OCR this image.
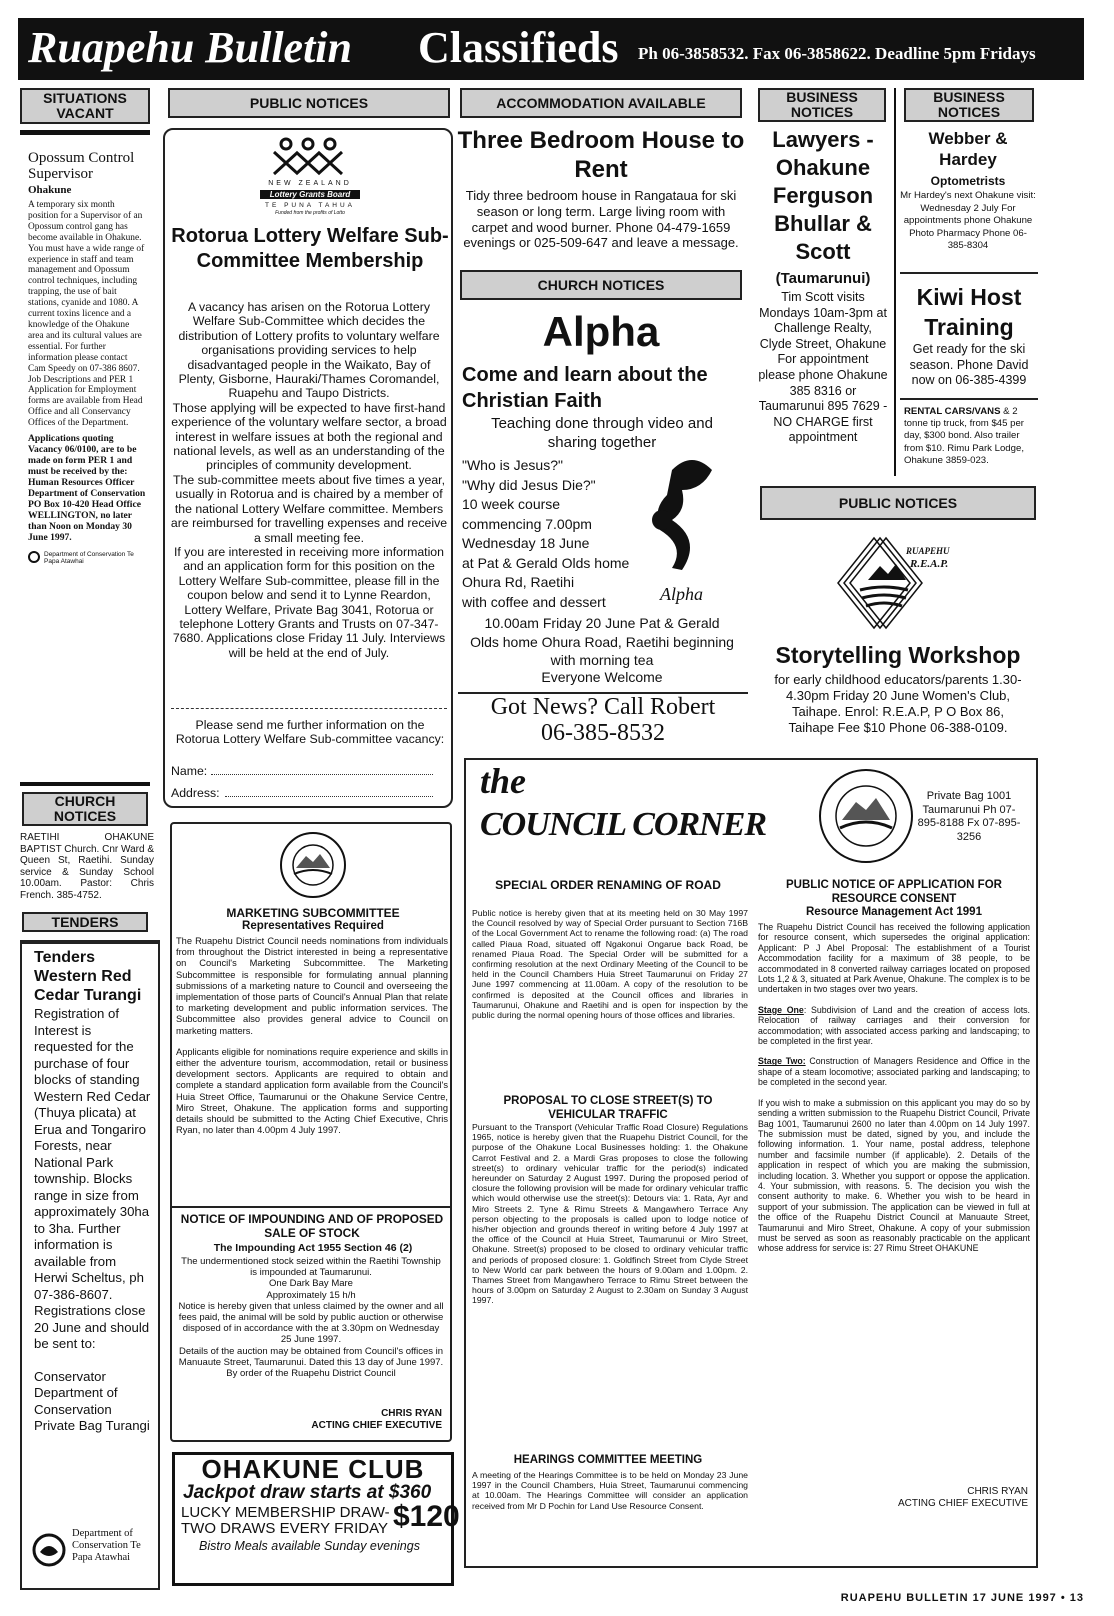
Ruapehu Bulletin Classifieds Ph 06-3858532. Fax 06-3858622. Deadline 5pm Fridays
SITUATIONS VACANT
Opossum Control Supervisor
Ohakune
A temporary six month position for a Supervisor of an Opossum control gang has become available in Ohakune. You must have a wide range of experience in staff and team management and Opossum control techniques, including trapping, the use of bait stations, cyanide and 1080. A current toxins licence and a knowledge of the Ohakune area and its cultural values are essential. For further information please contact Cam Speedy on 07-386 8607. Job Descriptions and PER 1 Application for Employment forms are available from Head Office and all Conservancy Offices of the Department.
Applications quoting Vacancy 06/0100, are to be made on form PER 1 and must be received by the: Human Resources Officer Department of Conservation PO Box 10-420 Head Office WELLINGTON, no later than Noon on Monday 30 June 1997.
Department of Conservation Te Papa Atawhai
CHURCH NOTICES
RAETIHI OHAKUNE BAPTIST Church. Cnr Ward & Queen St, Raetihi. Sunday service & Sunday School 10.00am. Pastor: Chris French. 385-4752.
TENDERS
Tenders Western Red Cedar Turangi
Registration of Interest is requested for the purchase of four blocks of standing Western Red Cedar (Thuya plicata) at Erua and Tongariro Forests, near National Park township. Blocks range in size from approximately 30ha to 3ha. Further information is available from Herwi Scheltus, ph 07-386-8607. Registrations close 20 June and should be sent to:
Conservator Department of Conservation Private Bag Turangi
Department of Conservation Te Papa Atawhai
PUBLIC NOTICES
NEW ZEALAND
Lottery Grants Board
TE PUNA TAHUA
Funded from the profits of Lotto
Rotorua Lottery Welfare Sub-Committee Membership
A vacancy has arisen on the Rotorua Lottery Welfare Sub-Committee which decides the distribution of Lottery profits to voluntary welfare organisations providing services to help disadvantaged people in the Waikato, Bay of Plenty, Gisborne, Hauraki/Thames Coromandel, Ruapehu and Taupo Districts.
Those applying will be expected to have first-hand experience of the voluntary welfare sector, a broad interest in welfare issues at both the regional and national levels, as well as an understanding of the principles of community development.
The sub-committee meets about five times a year, usually in Rotorua and is chaired by a member of the national Lottery Welfare committee. Members are reimbursed for travelling expenses and receive a small meeting fee.
If you are interested in receiving more information and an application form for this position on the Lottery Welfare Sub-committee, please fill in the coupon below and send it to Lynne Reardon, Lottery Welfare, Private Bag 3041, Rotorua or telephone Lottery Grants and Trusts on 07-347-7680. Applications close Friday 11 July. Interviews will be held at the end of July.
Please send me further information on the Rotorua Lottery Welfare Sub-committee vacancy:
Name:
Address:
MARKETING SUBCOMMITTEE
Representatives Required
The Ruapehu District Council needs nominations from individuals from throughout the District interested in being a representative on Council's Marketing Subcommittee. The Marketing Subcommittee is responsible for formulating annual planning submissions of a marketing nature to Council and overseeing the implementation of those parts of Council's Annual Plan that relate to marketing development and public information services. The Subcommittee also provides general advice to Council on marketing matters.
Applicants eligible for nominations require experience and skills in either the adventure tourism, accommodation, retail or business development sectors. Applicants are required to obtain and complete a standard application form available from the Council's Huia Street Office, Taumarunui or the Ohakune Service Centre, Miro Street, Ohakune. The application forms and supporting details should be submitted to the Acting Chief Executive, Chris Ryan, no later than 4.00pm 4 July 1997.
NOTICE OF IMPOUNDING AND OF PROPOSED SALE OF STOCK
The Impounding Act 1955 Section 46 (2)
The undermentioned stock seized within the Raetihi Township is impounded at Taumarunui.
One Dark Bay Mare
Approximately 15 h/h
Notice is hereby given that unless claimed by the owner and all fees paid, the animal will be sold by public auction or otherwise disposed of in accordance with the at 3.30pm on Wednesday 25 June 1997.
Details of the auction may be obtained from Council's offices in Manuaute Street, Taumarunui. Dated this 13 day of June 1997.
By order of the Ruapehu District Council
CHRIS RYAN
ACTING CHIEF EXECUTIVE
OHAKUNE CLUB
Jackpot draw starts at $360
LUCKY MEMBERSHIP DRAW-
TWO DRAWS EVERY FRIDAY $120
Bistro Meals available Sunday evenings
ACCOMMODATION AVAILABLE
Three Bedroom House to Rent
Tidy three bedroom house in Rangataua for ski season or long term. Large living room with carpet and wood burner. Phone 04-479-1659 evenings or 025-509-647 and leave a message.
CHURCH NOTICES
Alpha
Come and learn about the Christian Faith
Teaching done through video and sharing together
"Who is Jesus?"
"Why did Jesus Die?"
10 week course
commencing 7.00pm
Wednesday 18 June
at Pat & Gerald Olds home
Ohura Rd, Raetihi
with coffee and dessert	Alpha
10.00am Friday 20 June Pat & Gerald Olds home Ohura Road, Raetihi beginning with morning tea
Everyone Welcome
Got News? Call Robert
06-385-8532
BUSINESS NOTICES
BUSINESS NOTICES
Lawyers - Ohakune Ferguson Bhullar & Scott
(Taumarunui)
Tim Scott visits Mondays 10am-3pm at Challenge Realty, Clyde Street, Ohakune For appointment please phone Ohakune 385 8316 or Taumarunui 895 7629 - NO CHARGE first appointment
Webber & Hardey
Optometrists
Mr Hardey's next Ohakune visit: Wednesday 2 July For appointments phone Ohakune Photo Pharmacy Phone 06-385-8304
Kiwi Host Training
Get ready for the ski season. Phone David now on 06-385-4399
RENTAL CARS/VANS & 2 tonne tip truck, from $45 per day, $300 bond. Also trailer from $10. Rimu Park Lodge, Ohakune 3859-023.
PUBLIC NOTICES
RUAPEHU
R.E.A.P.
Storytelling Workshop
for early childhood educators/parents 1.30-4.30pm Friday 20 June Women's Club, Taihape. Enrol: R.E.A.P, P O Box 86, Taihape Fee $10 Phone 06-388-0109.
the
COUNCIL CORNER
Private Bag 1001 Taumarunui Ph 07-895-8188 Fx 07-895-3256
SPECIAL ORDER RENAMING OF ROAD
Public notice is hereby given that at its meeting held on 30 May 1997 the Council resolved by way of Special Order pursuant to Section 716B of the Local Government Act to rename the following road: (a) The road called Piaua Road, situated off Ngakonui Ongarue back Road, be renamed Piaua Road. The Special Order will be submitted for a confirming resolution at the next Ordinary Meeting of the Council to be held in the Council Chambers Huia Street Taumarunui on Friday 27 June 1997 commencing at 11.00am. A copy of the resolution to be confirmed is deposited at the Council offices and libraries in Taumarunui, Ohakune and Raetihi and is open for inspection by the public during the normal opening hours of those offices and libraries.
PROPOSAL TO CLOSE STREET(S) TO VEHICULAR TRAFFIC
Pursuant to the Transport (Vehicular Traffic Road Closure) Regulations 1965, notice is hereby given that the Ruapehu District Council, for the purpose of the Ohakune Local Businesses holding: 1. the Ohakune Carrot Festival and 2. a Mardi Gras proposes to close the following street(s) to ordinary vehicular traffic for the period(s) indicated hereunder on Saturday 2 August 1997. During the proposed period of closure the following provision will be made for ordinary vehicular traffic which would otherwise use the street(s): Detours via: 1. Rata, Ayr and Miro Streets 2. Tyne & Rimu Streets & Mangawhero Terrace Any person objecting to the proposals is called upon to lodge notice of his/her objection and grounds thereof in writing before 4 July 1997 at the office of the Council at Huia Street, Taumarunui or Miro Street, Ohakune. Street(s) proposed to be closed to ordinary vehicular traffic and periods of proposed closure: 1. Goldfinch Street from Clyde Street to New World car park between the hours of 9.00am and 1.00pm. 2. Thames Street from Mangawhero Terrace to Rimu Street between the hours of 3.00pm on Saturday 2 August to 2.30am on Sunday 3 August 1997.
HEARINGS COMMITTEE MEETING
A meeting of the Hearings Committee is to be held on Monday 23 June 1997 in the Council Chambers, Huia Street, Taumarunui commencing at 10.00am. The Hearings Committee will consider an application received from Mr D Pochin for Land Use Resource Consent.
PUBLIC NOTICE OF APPLICATION FOR RESOURCE CONSENT
Resource Management Act 1991
The Ruapehu District Council has received the following application for resource consent, which supersedes the original application: Applicant: P J Abel Proposal: The establishment of a Tourist Accommodation facility for a maximum of 38 people, to be accommodated in 8 converted railway carriages located on proposed Lots 1,2 & 3, situated at Park Avenue, Ohakune. The complex is to be undertaken in two stages over two years.
Stage One: Subdivision of Land and the creation of access lots. Relocation of railway carriages and their conversion for accommodation; with associated access parking and landscaping; to be completed in the first year.
Stage Two: Construction of Managers Residence and Office in the shape of a steam locomotive; associated parking and landscaping; to be completed in the second year.
If you wish to make a submission on this applicant you may do so by sending a written submission to the Ruapehu District Council, Private Bag 1001, Taumarunui 2600 no later than 4.00pm on 14 July 1997. The submission must be dated, signed by you, and include the following information. 1. Your name, postal address, telephone number and facsimile number (if applicable). 2. Details of the application in respect of which you are making the submission, including location. 3. Whether you support or oppose the application. 4. Your submission, with reasons. 5. The decision you wish the consent authority to make. 6. Whether you wish to be heard in support of your submission. The application can be viewed in full at the office of the Ruapehu District Council at Manuaute Street, Taumarunui and Miro Street, Ohakune. A copy of your submission must be served as soon as reasonably practicable on the applicant whose address for service is: 27 Rimu Street OHAKUNE
CHRIS RYAN
ACTING CHIEF EXECUTIVE
RUAPEHU BULLETIN 17 JUNE 1997 • 13
